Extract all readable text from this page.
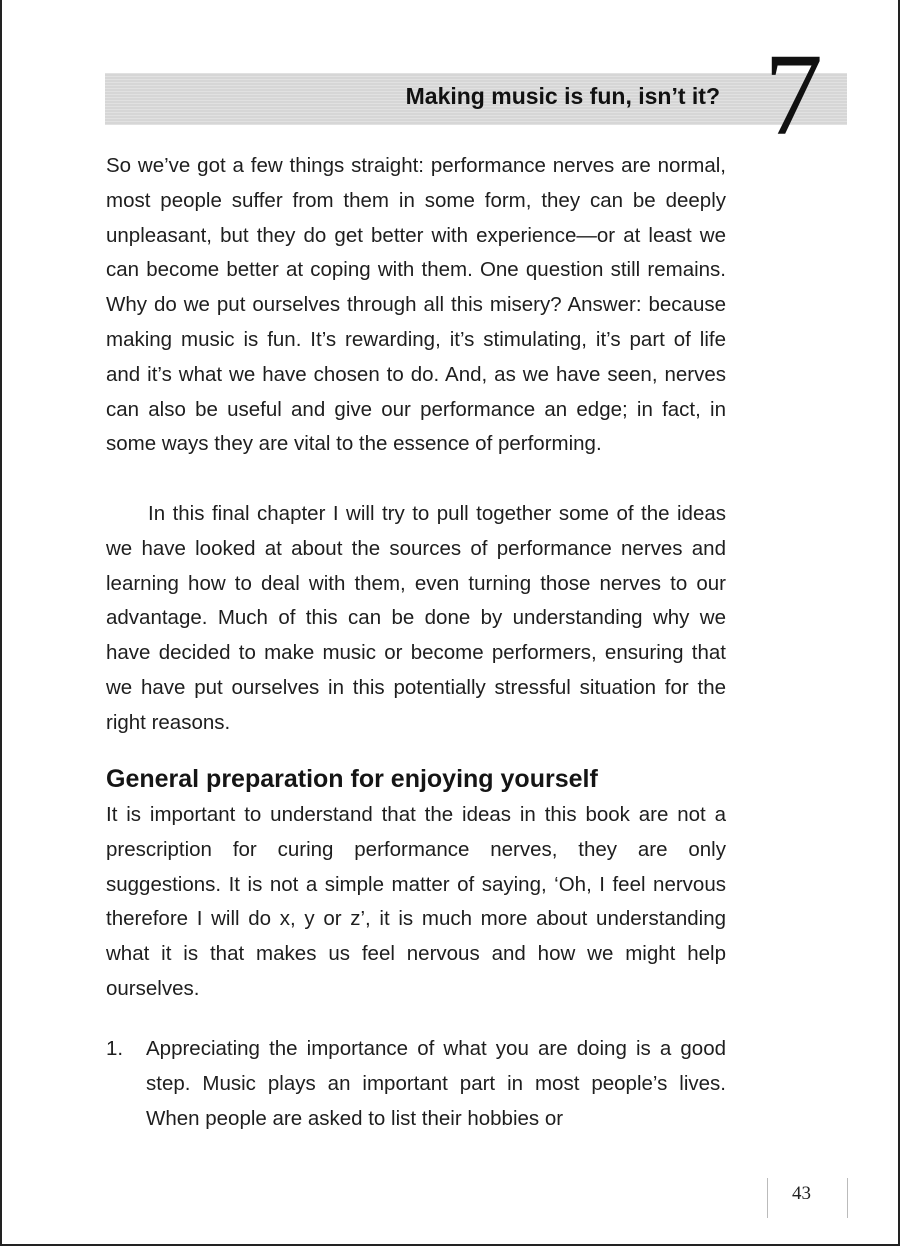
Making music is fun, isn’t it? 7

So we’ve got a few things straight: performance nerves are normal, most people suffer from them in some form, they can be deeply unpleasant, but they do get better with experience—or at least we can become better at coping with them. One question still remains. Why do we put ourselves through all this misery? Answer: because making music is fun. It’s rewarding, it’s stimulating, it’s part of life and it’s what we have chosen to do. And, as we have seen, nerves can also be useful and give our performance an edge; in fact, in some ways they are vital to the essence of performing.

In this final chapter I will try to pull together some of the ideas we have looked at about the sources of performance nerves and learning how to deal with them, even turning those nerves to our advantage. Much of this can be done by understanding why we have decided to make music or become performers, ensuring that we have put ourselves in this potentially stressful situation for the right reasons.

General preparation for enjoying yourself

It is important to understand that the ideas in this book are not a prescription for curing performance nerves, they are only suggestions. It is not a simple matter of saying, ‘Oh, I feel nervous therefore I will do x, y or z’, it is much more about understanding what it is that makes us feel nervous and how we might help ourselves.

1. Appreciating the importance of what you are doing is a good step. Music plays an important part in most people’s lives. When people are asked to list their hobbies or
43
